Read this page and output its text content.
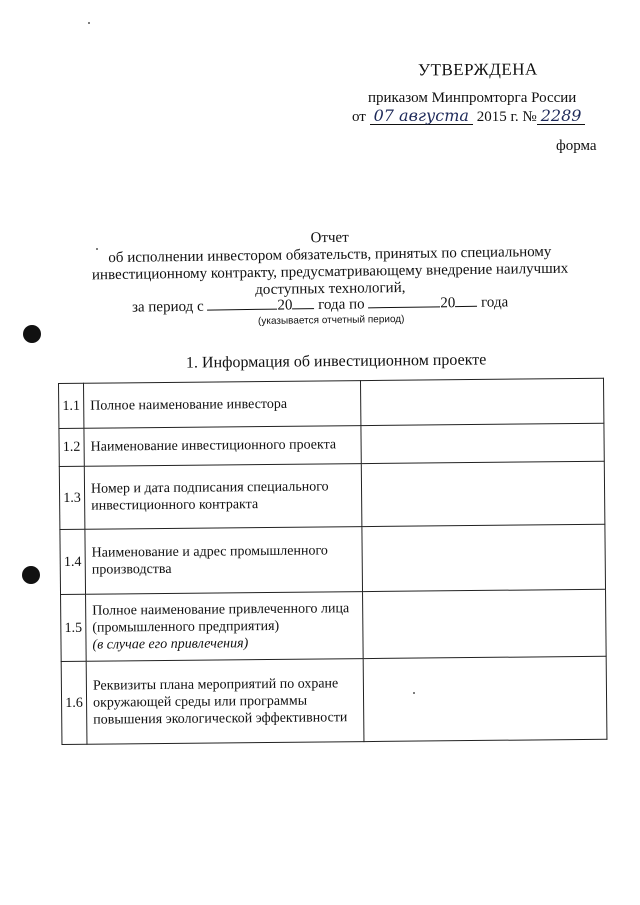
УТВЕРЖДЕНА
приказом Минпромторга России
от 07 августа 2015 г. № 2289
форма
Отчет
об исполнении инвестором обязательств, принятых по специальному
инвестиционному контракту, предусматривающему внедрение наилучших
доступных технологий,
за период с	20 года по	20 года
(указывается отчетный период)
1. Информация об инвестиционном проекте
1.1	Полное наименование инвестора	

1.2	Наименование инвестиционного проекта	

1.3	Номер и дата подписания специального инвестиционного контракта	

1.4	Наименование и адрес промышленного производства	

1.5	Полное наименование привлеченного лица (промышленного предприятия)
(в случае его привлечения)	

1.6	Реквизиты плана мероприятий по охране окружающей среды или программы повышения экологической эффективности	
